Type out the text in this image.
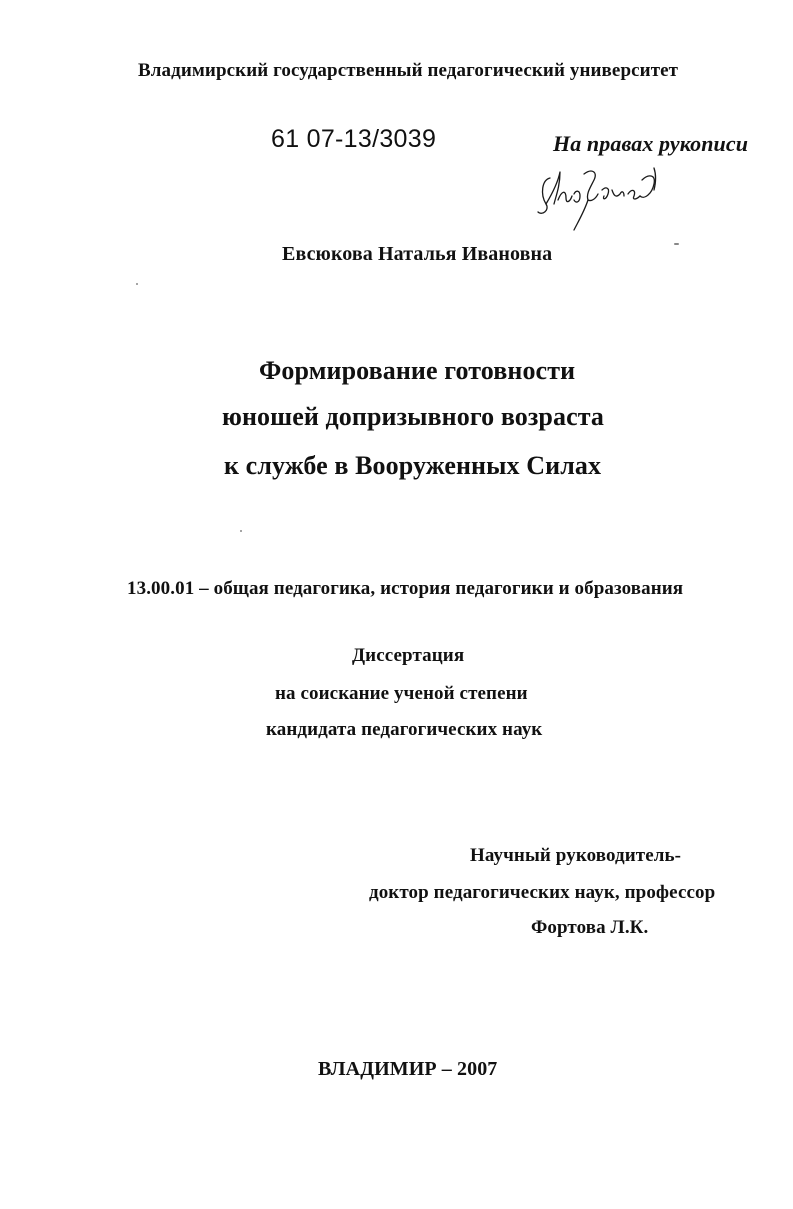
Владимирский государственный педагогический университет
61 07-13/3039	На правах рукописи
Евсюкова Наталья Ивановна
Формирование готовности
юношей допризывного возраста
к службе в Вооруженных Силах
13.00.01 – общая педагогика, история педагогики и образования
Диссертация
на соискание ученой степени
кандидата педагогических наук
Научный руководитель-
доктор педагогических наук, профессор
Фортова Л.К.
ВЛАДИМИР – 2007
